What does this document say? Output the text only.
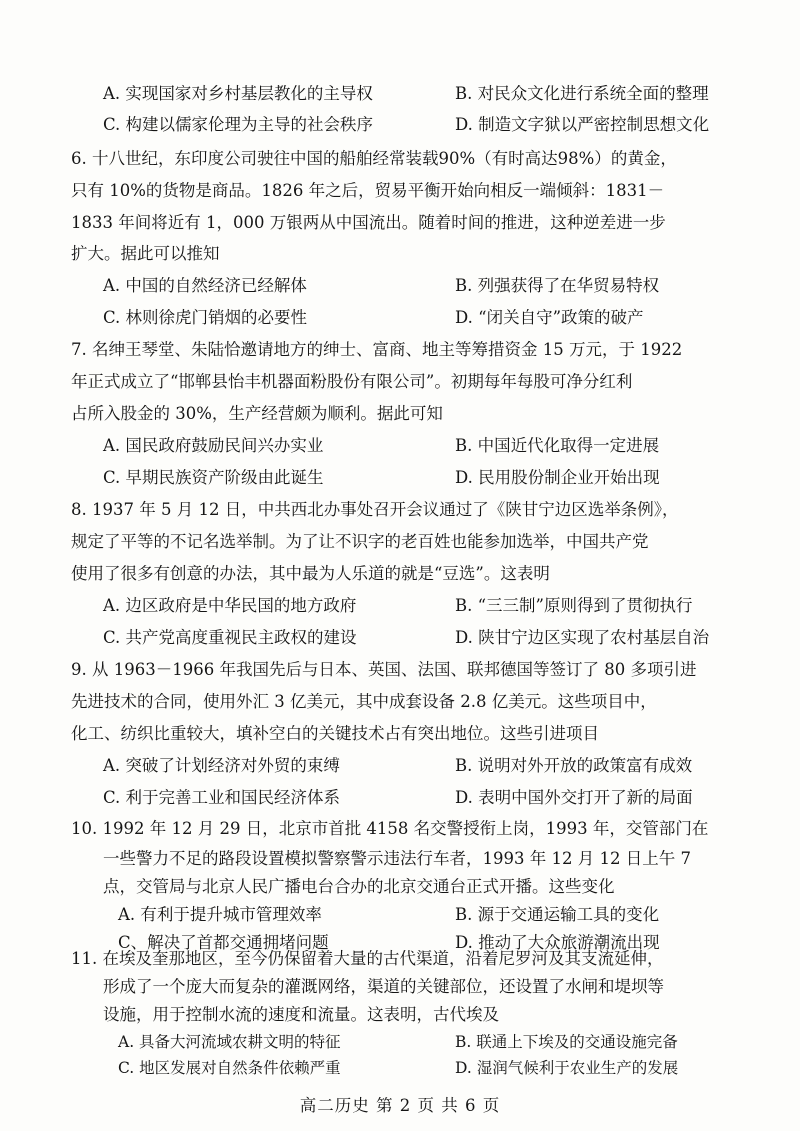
A. 实现国家对乡村基层教化的主导权	B. 对民众文化进行系统全面的整理
C. 构建以儒家伦理为主导的社会秩序	D. 制造文字狱以严密控制思想文化
6. 十八世纪，东印度公司驶往中国的船舶经常装载90%（有时高达98%）的黄金，
只有 10%的货物是商品。1826 年之后，贸易平衡开始向相反一端倾斜：1831－
1833 年间将近有 1，000 万银两从中国流出。随着时间的推进，这种逆差进一步
扩大。据此可以推知
A. 中国的自然经济已经解体	B. 列强获得了在华贸易特权
C. 林则徐虎门销烟的必要性	D. “闭关自守”政策的破产
7. 名绅王琴堂、朱陆恰邀请地方的绅士、富商、地主等筹措资金 15 万元，于 1922
年正式成立了“邯郸县怡丰机器面粉股份有限公司”。初期每年每股可净分红利
占所入股金的 30%，生产经营颇为顺利。据此可知
A. 国民政府鼓励民间兴办实业	B. 中国近代化取得一定进展
C. 早期民族资产阶级由此诞生	D. 民用股份制企业开始出现
8. 1937 年 5 月 12 日，中共西北办事处召开会议通过了《陕甘宁边区选举条例》，
规定了平等的不记名选举制。为了让不识字的老百姓也能参加选举，中国共产党
使用了很多有创意的办法，其中最为人乐道的就是“豆选”。这表明
A. 边区政府是中华民国的地方政府	B. “三三制”原则得到了贯彻执行
C. 共产党高度重视民主政权的建设	D. 陕甘宁边区实现了农村基层自治
9. 从 1963－1966 年我国先后与日本、英国、法国、联邦德国等签订了 80 多项引进
先进技术的合同，使用外汇 3 亿美元，其中成套设备 2.8 亿美元。这些项目中，
化工、纺织比重较大，填补空白的关键技术占有突出地位。这些引进项目
A. 突破了计划经济对外贸的束缚	B. 说明对外开放的政策富有成效
C. 利于完善工业和国民经济体系	D. 表明中国外交打开了新的局面
10. 1992 年 12 月 29 日，北京市首批 4158 名交警授衔上岗，1993 年，交管部门在
一些警力不足的路段设置模拟警察警示违法行车者，1993 年 12 月 12 日上午 7
点，交管局与北京人民广播电台合办的北京交通台正式开播。这些变化
A. 有利于提升城市管理效率	B. 源于交通运输工具的变化
C、解决了首都交通拥堵问题	D. 推动了大众旅游潮流出现
11. 在埃及奎那地区，至今仍保留着大量的古代渠道，沿着尼罗河及其支流延伸，
形成了一个庞大而复杂的灌溉网络，渠道的关键部位，还设置了水闸和堤坝等
设施，用于控制水流的速度和流量。这表明，古代埃及
高二历史 第 2 页 共 6 页
A. 具备大河流域农耕文明的特征	B. 联通上下埃及的交通设施完备
C. 地区发展对自然条件依赖严重	D. 湿润气候利于农业生产的发展
